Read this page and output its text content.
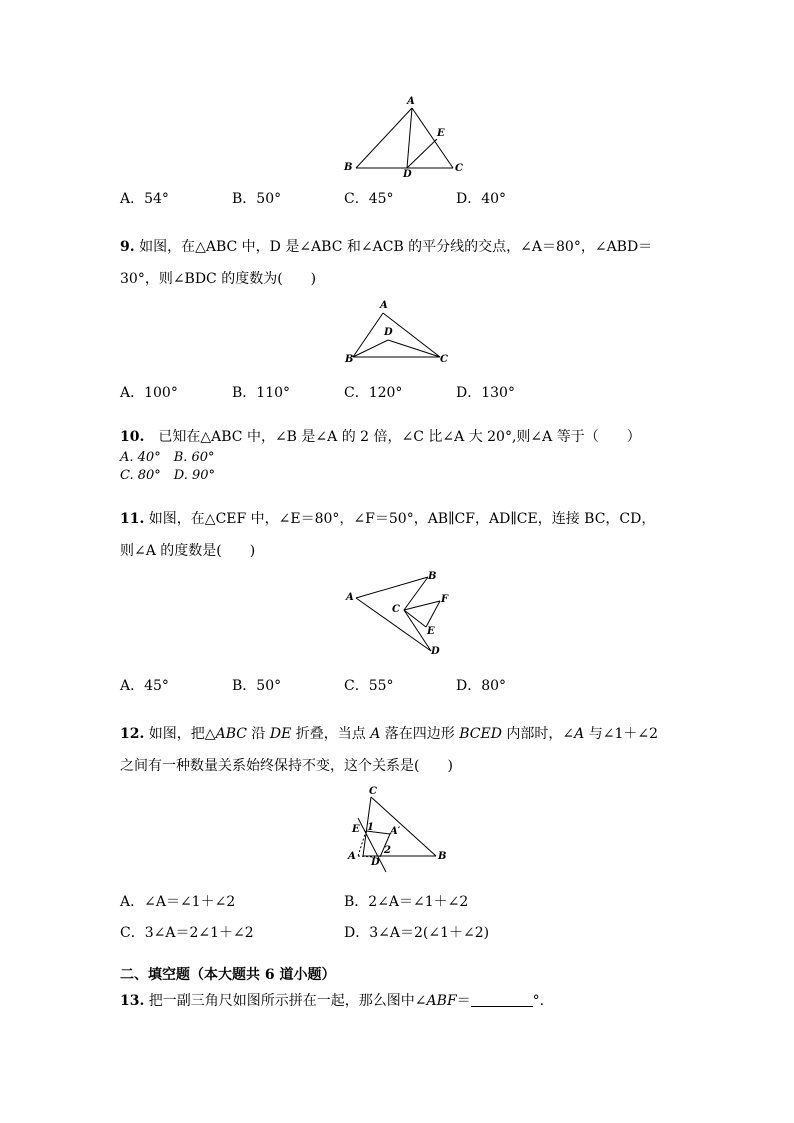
A
E
B
D
C
A．54°	B．50°	C．45°	D．40°
9. 如图，在△ABC 中，D 是∠ABC 和∠ACB 的平分线的交点，∠A＝80°，∠ABD＝
30°，则∠BDC 的度数为(　　)
A
D
B	C
A．100°	B．110°	C．120°	D．130°
10.　已知在△ABC 中，∠B 是∠A 的 2 倍，∠C 比∠A 大 20°,则∠A 等于（　　）
A. 40°　B. 60°
C. 80°　D. 90°
11. 如图，在△CEF 中，∠E＝80°，∠F＝50°，AB∥CF，AD∥CE，连接 BC，CD，
则∠A 的度数是(　　)
B
A
C
F
E
D
A．45°	B．50°	C．55°	D．80°
12. 如图，把△ABC 沿 DE 折叠，当点 A 落在四边形 BCED 内部时，∠A 与∠1＋∠2
之间有一种数量关系始终保持不变，这个关系是(　　)
C
E 1 A′
2
A
D
B
A．∠A＝∠1＋∠2	B．2∠A＝∠1＋∠2
C．3∠A＝2∠1＋∠2	D．3∠A＝2(∠1＋∠2)
二、填空题（本大题共 6 道小题）
13. 把一副三角尺如图所示拼在一起，那么图中∠ABF＝	°.
